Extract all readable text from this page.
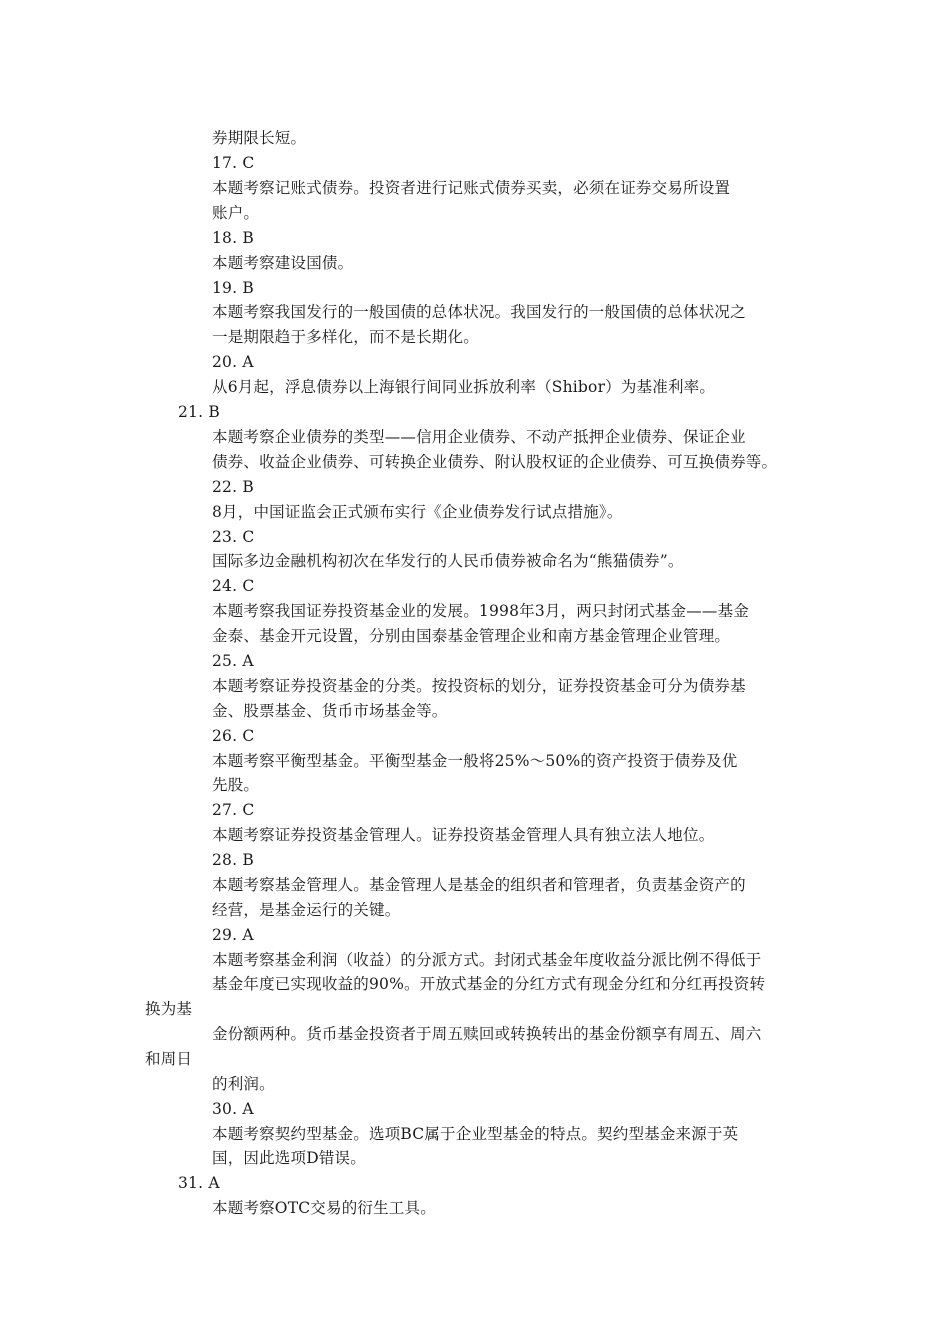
券期限长短。
17. C
本题考察记账式债券。投资者进行记账式债券买卖，必须在证券交易所设置
账户。
18. B
本题考察建设国债。
19. B
本题考察我国发行的一般国债的总体状况。我国发行的一般国债的总体状况之
一是期限趋于多样化，而不是长期化。
20. A
从6月起，浮息债券以上海银行间同业拆放利率（Shibor）为基准利率。
21. B
本题考察企业债券的类型——信用企业债券、不动产抵押企业债券、保证企业
债券、收益企业债券、可转换企业债券、附认股权证的企业债券、可互换债券等。
22. B
8月，中国证监会正式颁布实行《企业债券发行试点措施》。
23. C
国际多边金融机构初次在华发行的人民币债券被命名为“熊猫债券”。
24. C
本题考察我国证券投资基金业的发展。1998年3月，两只封闭式基金——基金
金泰、基金开元设置，分别由国泰基金管理企业和南方基金管理企业管理。
25. A
本题考察证券投资基金的分类。按投资标的划分，证券投资基金可分为债券基
金、股票基金、货币市场基金等。
26. C
本题考察平衡型基金。平衡型基金一般将25%～50%的资产投资于债券及优
先股。
27. C
本题考察证券投资基金管理人。证券投资基金管理人具有独立法人地位。
28. B
本题考察基金管理人。基金管理人是基金的组织者和管理者，负责基金资产的
经营，是基金运行的关键。
29. A
本题考察基金利润（收益）的分派方式。封闭式基金年度收益分派比例不得低于
基金年度已实现收益的90%。开放式基金的分红方式有现金分红和分红再投资转
换为基
金份额两种。货币基金投资者于周五赎回或转换转出的基金份额享有周五、周六
和周日
的利润。
30. A
本题考察契约型基金。选项BC属于企业型基金的特点。契约型基金来源于英
国，因此选项D错误。
31. A
本题考察OTC交易的衍生工具。
